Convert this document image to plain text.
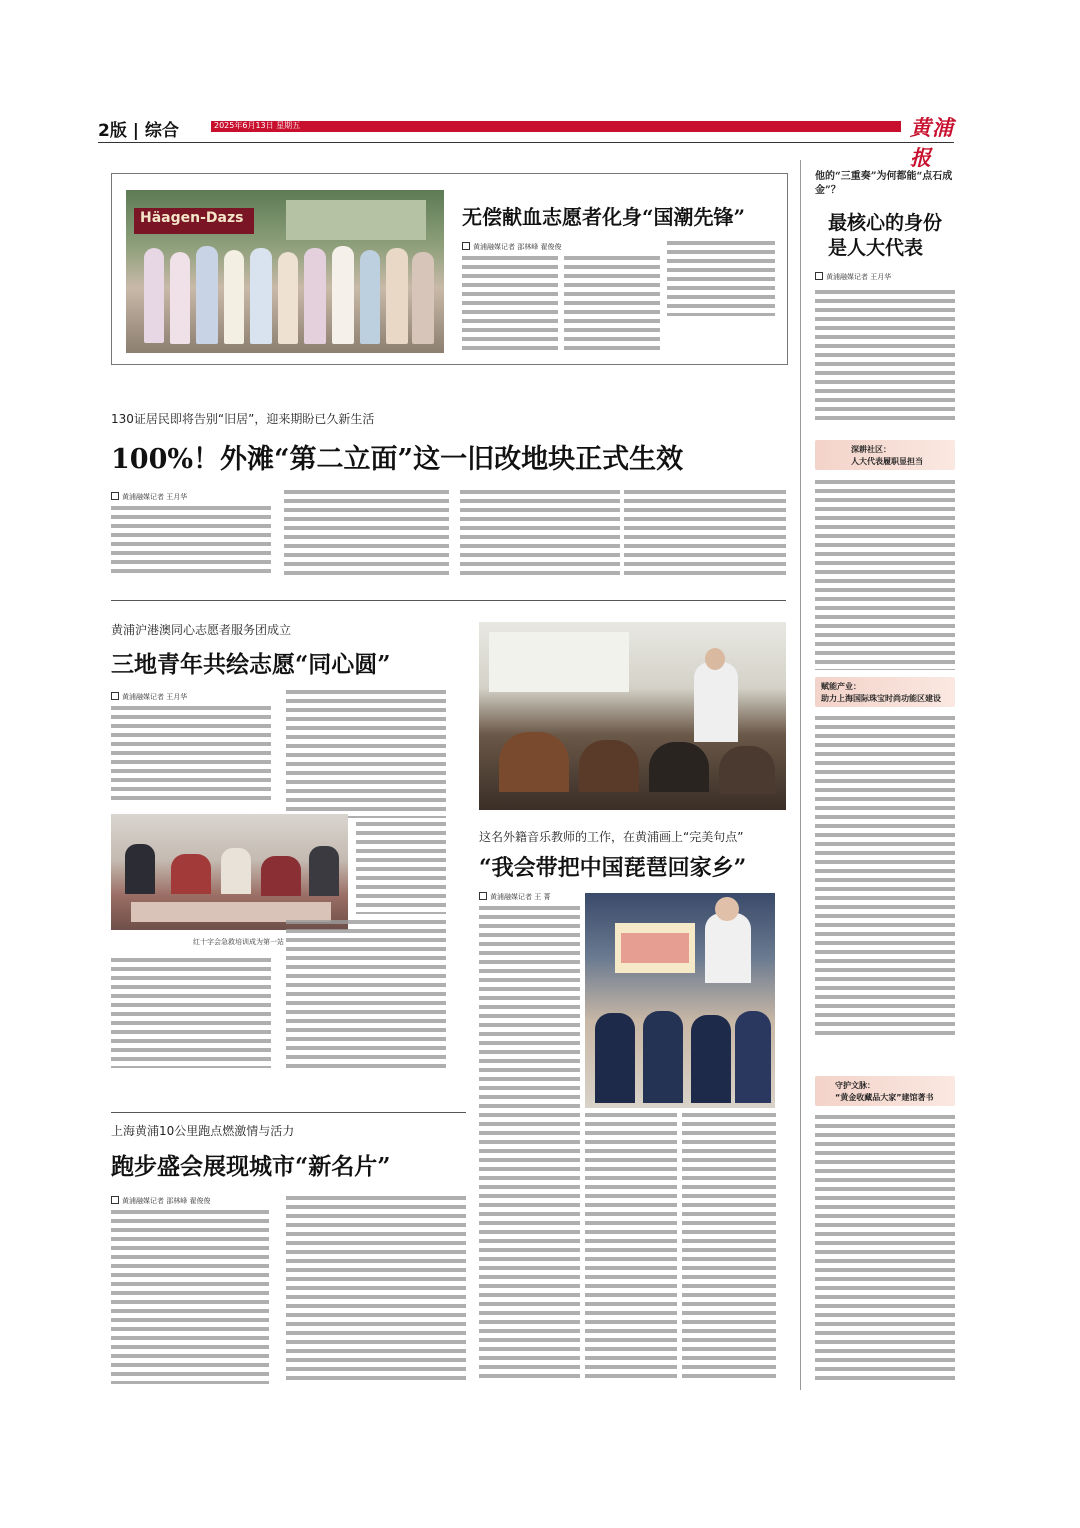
2版 | 综合	2025年6月13日 星期五	黄浦报
Häagen-Dazs	无偿献血志愿者化身“国潮先锋”
黄浦融媒记者 邵林峰 翟俊俊
130证居民即将告别“旧居”，迎来期盼已久新生活
100%！外滩“第二立面”这一旧改地块正式生效
黄浦融媒记者 王月华
黄浦沪港澳同心志愿者服务团成立
三地青年共绘志愿“同心圆”
黄浦融媒记者 王月华
红十字会急救培训成为第一站
这名外籍音乐教师的工作，在黄浦画上“完美句点”
“我会带把中国琵琶回家乡”
黄浦融媒记者 王 菁
上海黄浦10公里跑点燃激情与活力
跑步盛会展现城市“新名片”
黄浦融媒记者 邵林峰 翟俊俊
他的“三重奏”为何都能“点石成金”？
最核心的身份
是人大代表
黄浦融媒记者 王月华
深耕社区：
人大代表履职显担当
赋能产业：
助力上海国际珠宝时尚功能区建设
守护文脉：
“黄金收藏品大家”建馆著书
